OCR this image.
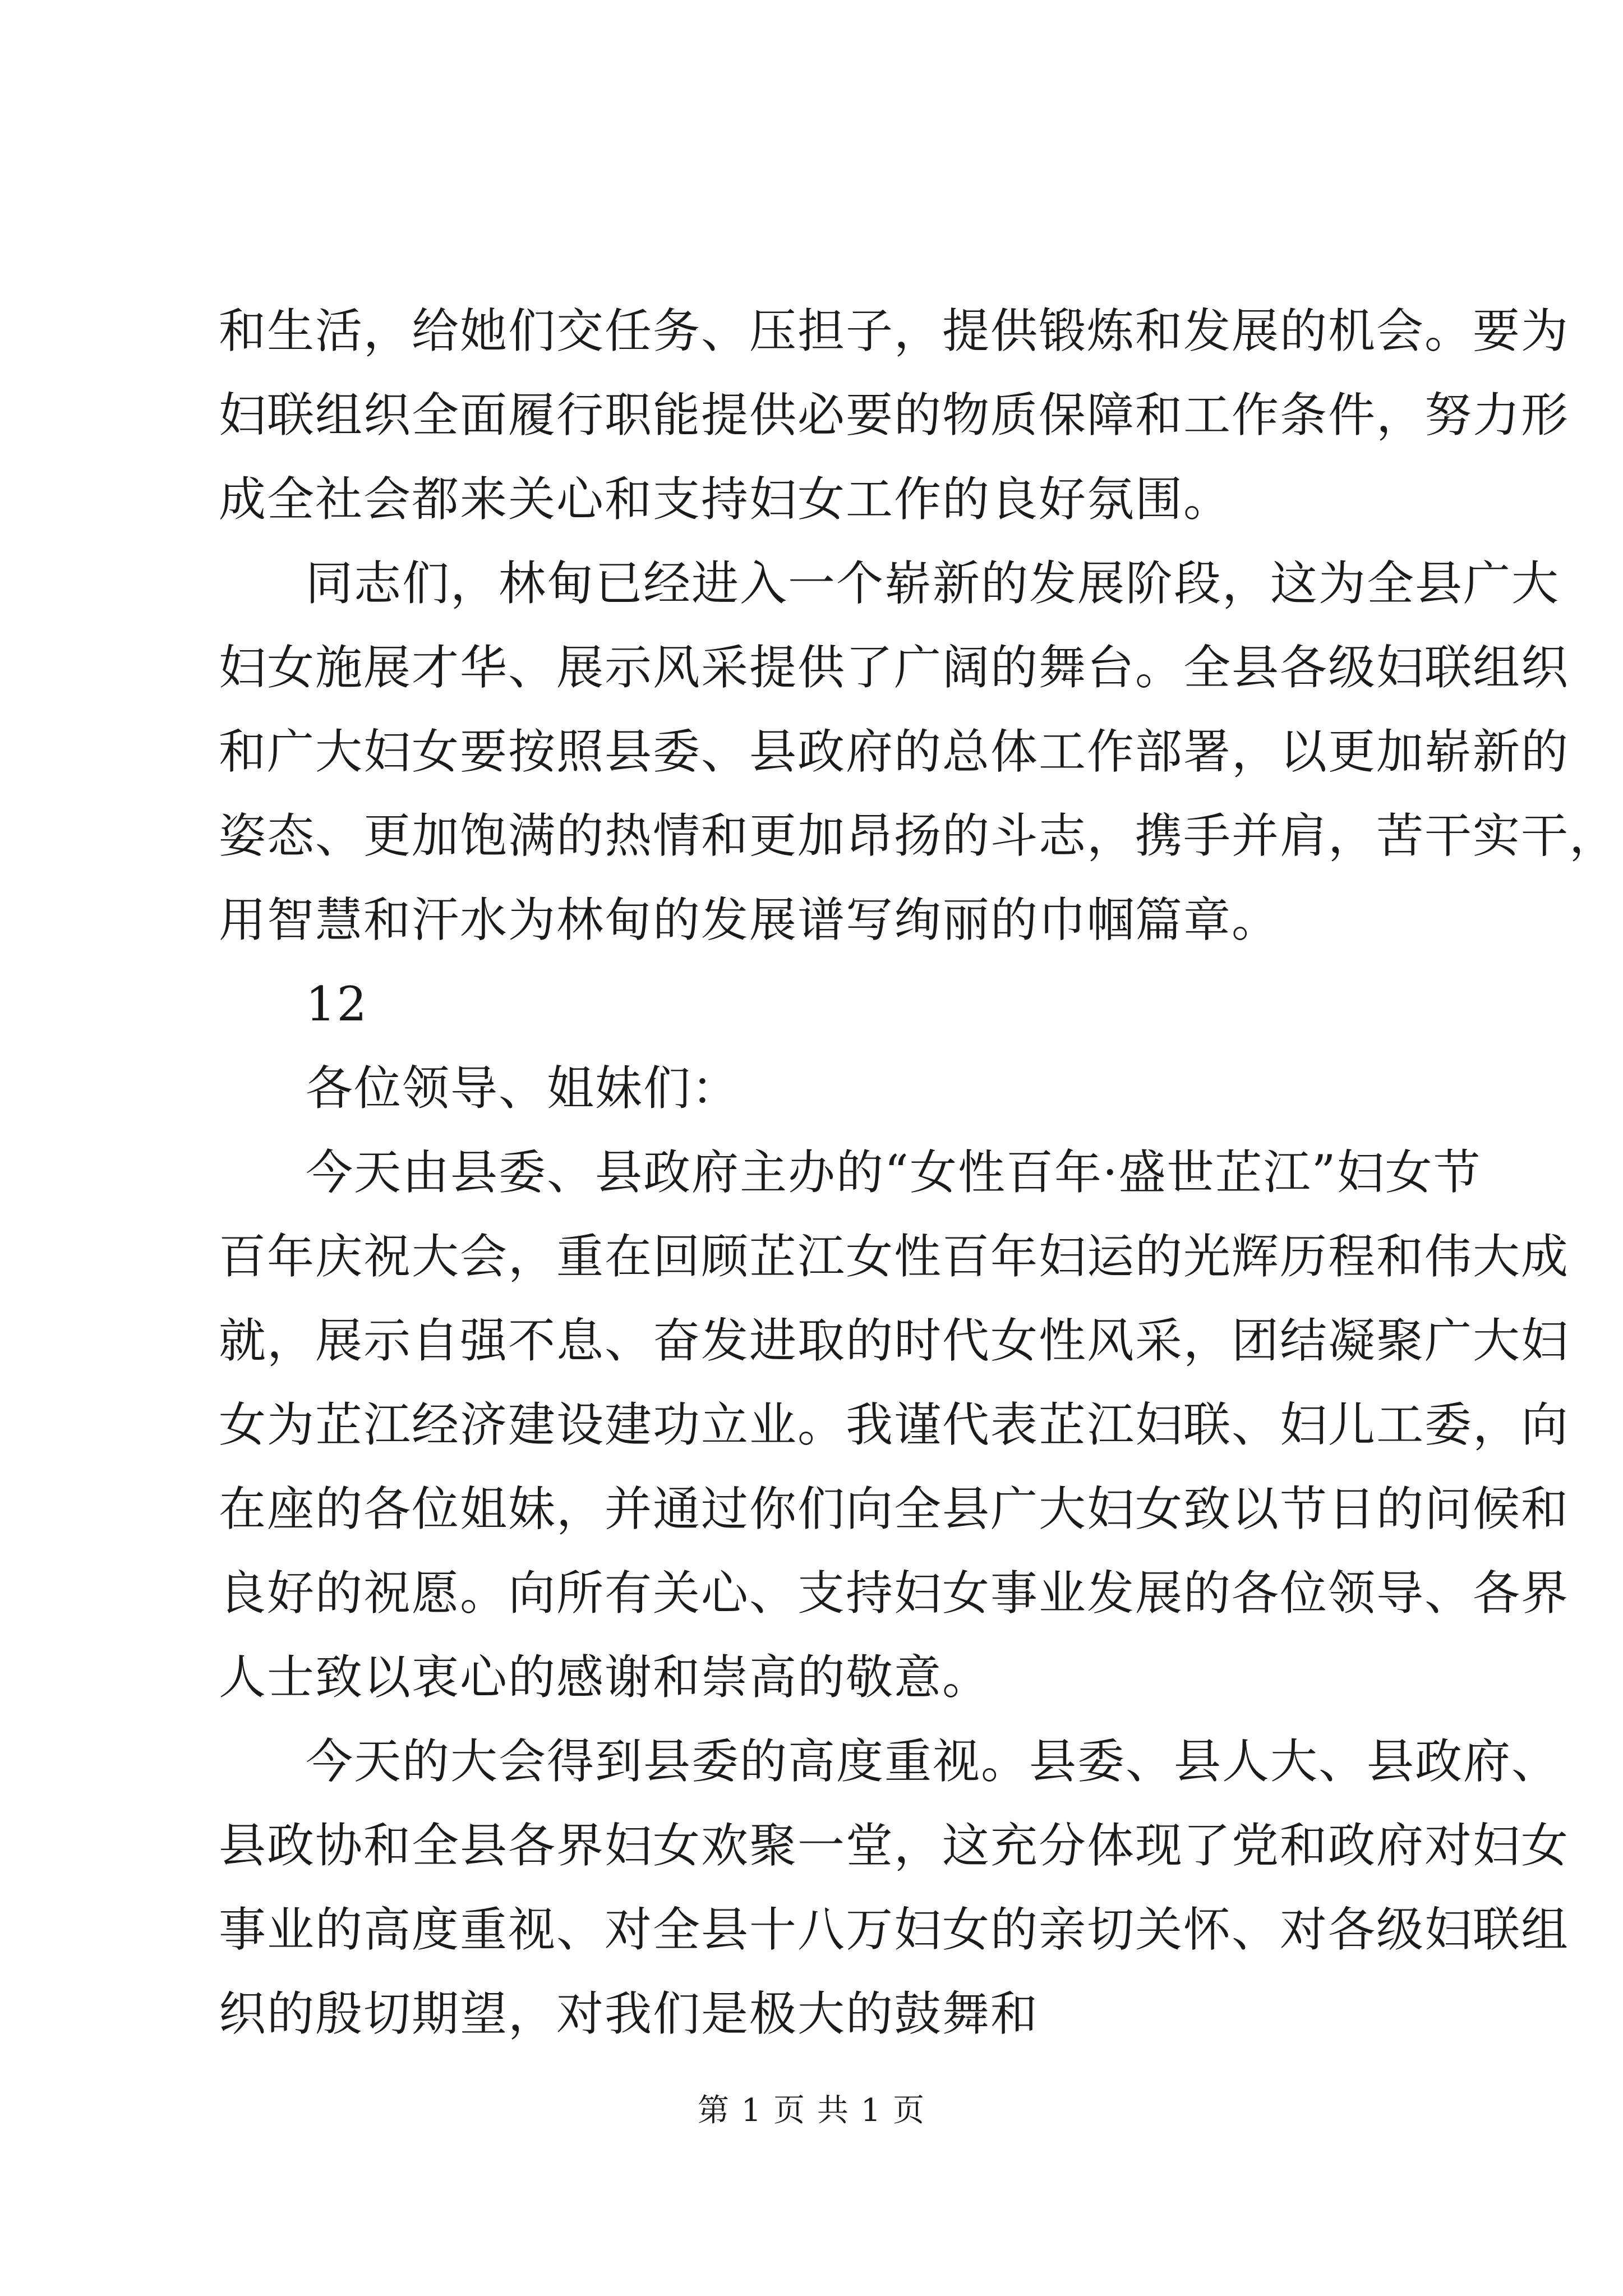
和生活，给她们交任务、压担子，提供锻炼和发展的机会。要为
妇联组织全面履行职能提供必要的物质保障和工作条件，努力形
成全社会都来关心和支持妇女工作的良好氛围。
同志们，林甸已经进入一个崭新的发展阶段，这为全县广大
妇女施展才华、展示风采提供了广阔的舞台。全县各级妇联组织
和广大妇女要按照县委、县政府的总体工作部署，以更加崭新的
姿态、更加饱满的热情和更加昂扬的斗志，携手并肩，苦干实干，
用智慧和汗水为林甸的发展谱写绚丽的巾帼篇章。
12
各位领导、姐妹们：
今天由县委、县政府主办的“女性百年·盛世芷江”妇女节
百年庆祝大会，重在回顾芷江女性百年妇运的光辉历程和伟大成
就，展示自强不息、奋发进取的时代女性风采，团结凝聚广大妇
女为芷江经济建设建功立业。我谨代表芷江妇联、妇儿工委，向
在座的各位姐妹，并通过你们向全县广大妇女致以节日的问候和
良好的祝愿。向所有关心、支持妇女事业发展的各位领导、各界
人士致以衷心的感谢和崇高的敬意。
今天的大会得到县委的高度重视。县委、县人大、县政府、
县政协和全县各界妇女欢聚一堂，这充分体现了党和政府对妇女
事业的高度重视、对全县十八万妇女的亲切关怀、对各级妇联组
织的殷切期望，对我们是极大的鼓舞和
第 1 页 共 1 页
